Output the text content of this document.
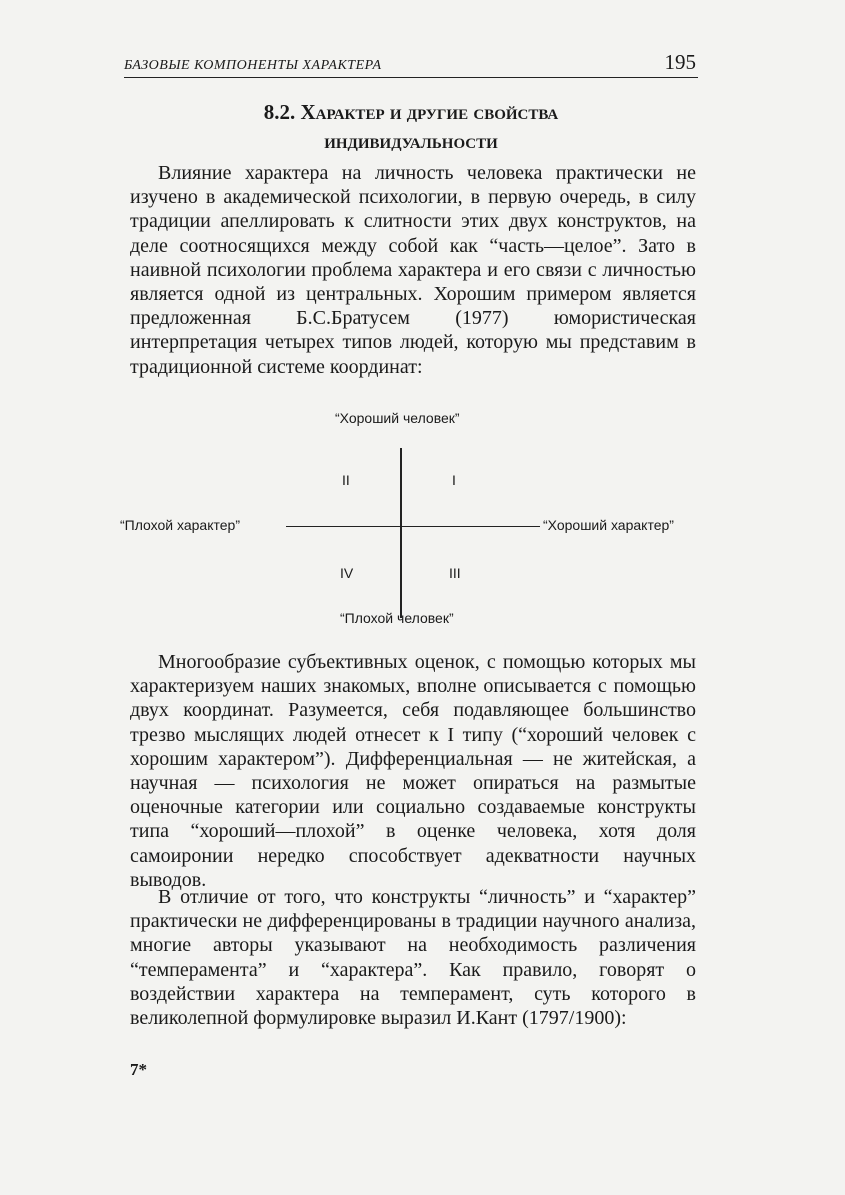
БАЗОВЫЕ КОМПОНЕНТЫ ХАРАКТЕРА	195
8.2. Характер и другие свойства
индивидуальности

Влияние характера на личность человека практически не изучено в академической психологии, в первую очередь, в силу традиции апеллировать к слитности этих двух конструктов, на деле соотносящихся между собой как “часть—целое”. Зато в наивной психологии проблема характера и его связи с личностью является одной из центральных. Хорошим примером является предложенная Б.С.Братусем (1977) юмористическая интерпретация четырех типов людей, которую мы представим в традиционной системе координат:

“Хороший человек”
“Плохой характер”	“Хороший характер”
II	I
IV	III
“Плохой человек”

Многообразие субъективных оценок, с помощью которых мы характеризуем наших знакомых, вполне описывается с помощью двух координат. Разумеется, себя подавляющее большинство трезво мыслящих людей отнесет к I типу (“хороший человек с хорошим характером”). Дифференциальная — не житейская, а научная — психология не может опираться на размытые оценочные категории или социально создаваемые конструкты типа “хороший—плохой” в оценке человека, хотя доля самоиронии нередко способствует адекватности научных выводов.

В отличие от того, что конструкты “личность” и “характер” практически не дифференцированы в традиции научного анализа, многие авторы указывают на необходимость различения “темперамента” и “характера”. Как правило, говорят о воздействии характера на темперамент, суть которого в великолепной формулировке выразил И.Кант (1797/1900):

7*
